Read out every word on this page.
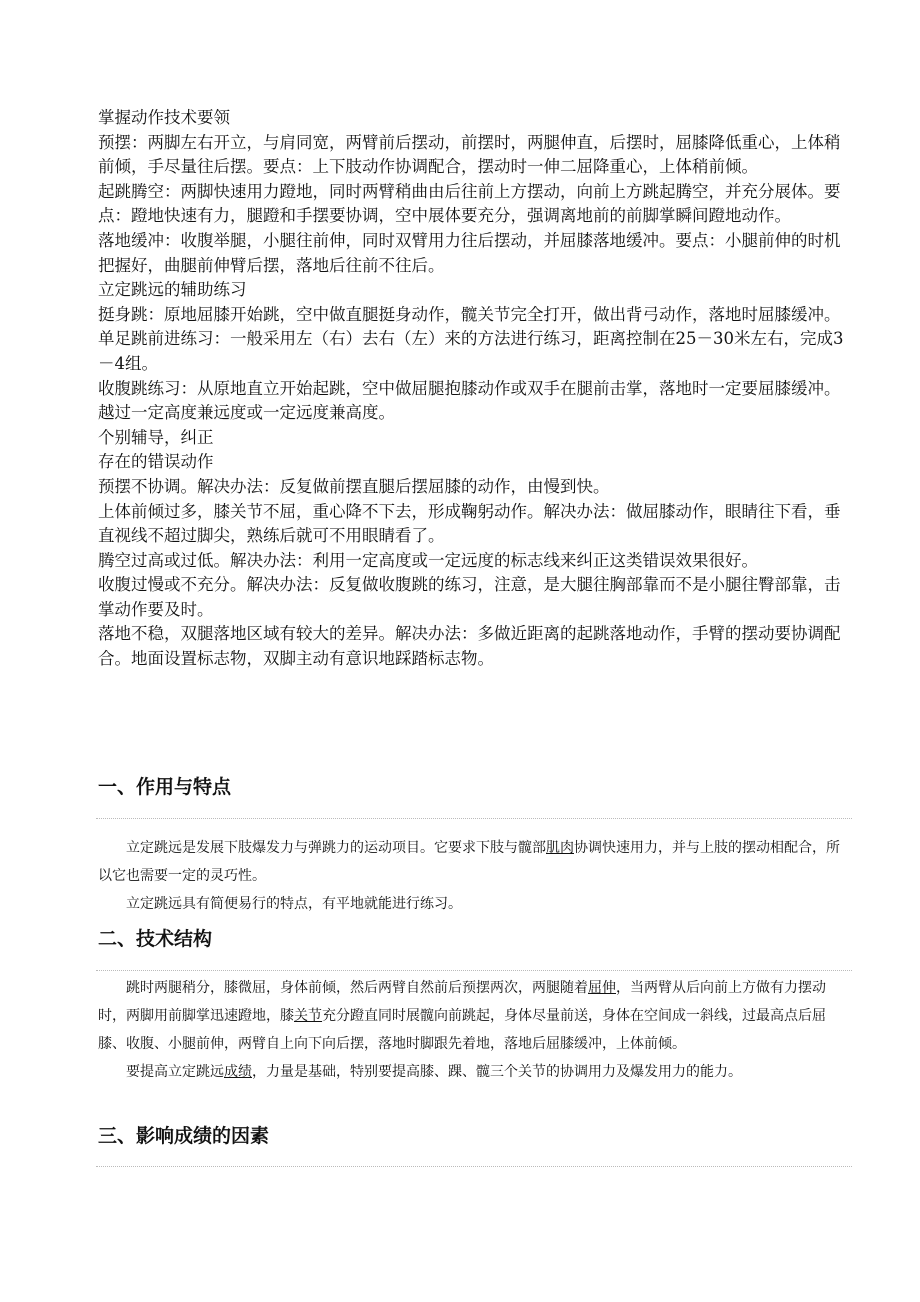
掌握动作技术要领

预摆：两脚左右开立，与肩同宽，两臂前后摆动，前摆时，两腿伸直，后摆时，屈膝降低重心，上体稍前倾，手尽量往后摆。要点：上下肢动作协调配合，摆动时一伸二屈降重心，上体稍前倾。

起跳腾空：两脚快速用力蹬地，同时两臂稍曲由后往前上方摆动，向前上方跳起腾空，并充分展体。要点：蹬地快速有力，腿蹬和手摆要协调，空中展体要充分，强调离地前的前脚掌瞬间蹬地动作。

落地缓冲：收腹举腿，小腿往前伸，同时双臂用力往后摆动，并屈膝落地缓冲。要点：小腿前伸的时机把握好，曲腿前伸臂后摆，落地后往前不往后。

立定跳远的辅助练习

挺身跳：原地屈膝开始跳，空中做直腿挺身动作，髋关节完全打开，做出背弓动作，落地时屈膝缓冲。

单足跳前进练习：一般采用左（右）去右（左）来的方法进行练习，距离控制在25－30米左右，完成3－4组。

收腹跳练习：从原地直立开始起跳，空中做屈腿抱膝动作或双手在腿前击掌，落地时一定要屈膝缓冲。

越过一定高度兼远度或一定远度兼高度。

个别辅导，纠正

存在的错误动作

预摆不协调。解决办法：反复做前摆直腿后摆屈膝的动作，由慢到快。

上体前倾过多，膝关节不屈，重心降不下去，形成鞠躬动作。解决办法：做屈膝动作，眼睛往下看，垂直视线不超过脚尖，熟练后就可不用眼睛看了。

腾空过高或过低。解决办法：利用一定高度或一定远度的标志线来纠正这类错误效果很好。

收腹过慢或不充分。解决办法：反复做收腹跳的练习，注意，是大腿往胸部靠而不是小腿往臀部靠，击掌动作要及时。

落地不稳，双腿落地区域有较大的差异。解决办法：多做近距离的起跳落地动作，手臂的摆动要协调配合。地面设置标志物，双脚主动有意识地踩踏标志物。

一、作用与特点

立定跳远是发展下肢爆发力与弹跳力的运动项目。它要求下肢与髋部肌肉协调快速用力，并与上肢的摆动相配合，所以它也需要一定的灵巧性。

立定跳远具有简便易行的特点，有平地就能进行练习。

二、技术结构

跳时两腿稍分，膝微屈，身体前倾，然后两臂自然前后预摆两次，两腿随着屈伸，当两臂从后向前上方做有力摆动时，两脚用前脚掌迅速蹬地，膝关节充分蹬直同时展髋向前跳起，身体尽量前送，身体在空间成一斜线，过最高点后屈膝、收腹、小腿前伸，两臂自上向下向后摆，落地时脚跟先着地，落地后屈膝缓冲，上体前倾。

要提高立定跳远成绩，力量是基础，特别要提高膝、踝、髋三个关节的协调用力及爆发用力的能力。

三、影响成绩的因素
